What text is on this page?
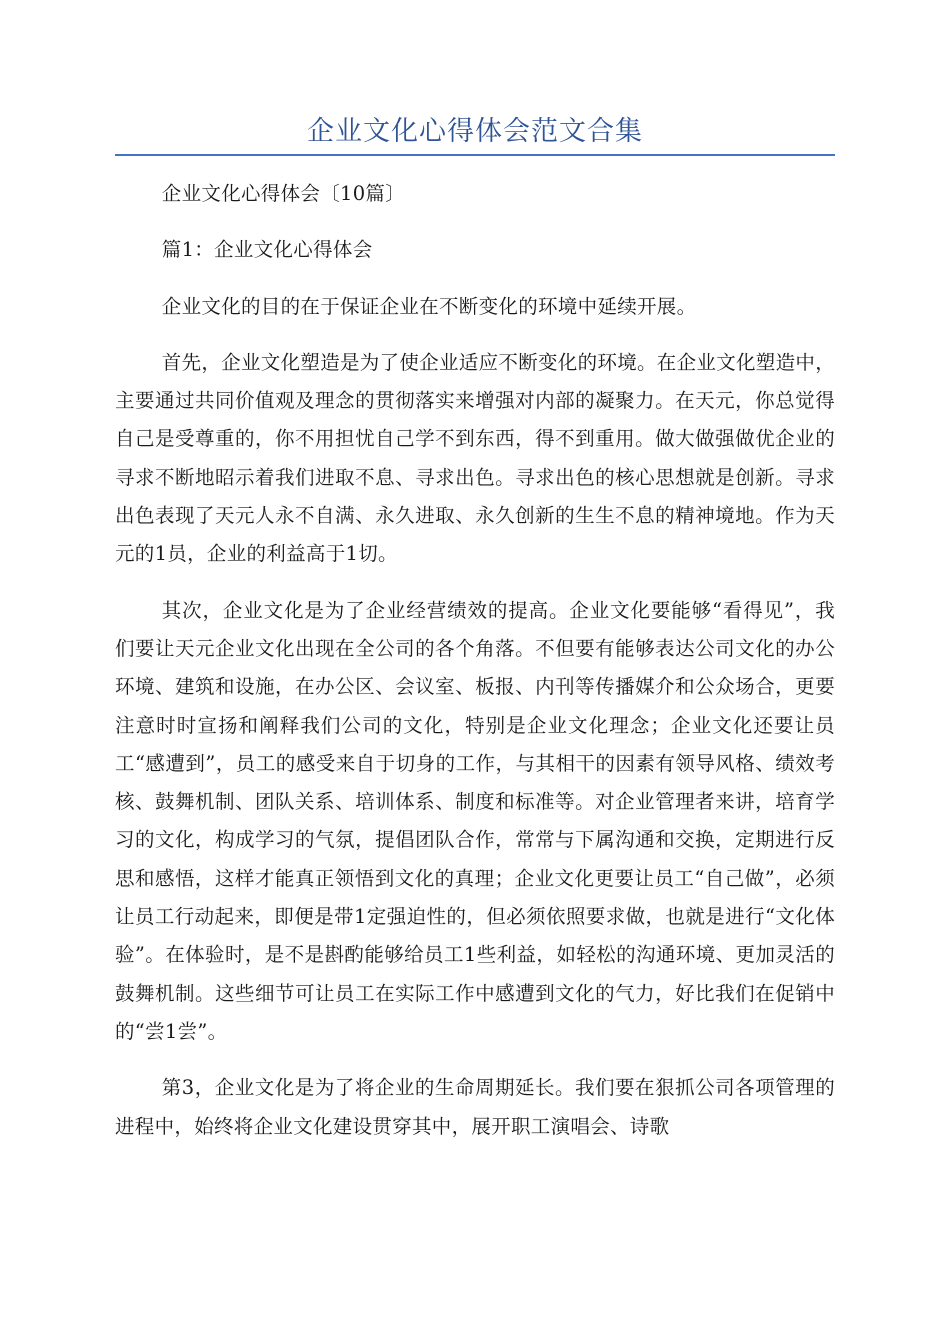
企业文化心得体会范文合集

企业文化心得体会〔10篇〕

篇1：企业文化心得体会

企业文化的目的在于保证企业在不断变化的环境中延续开展。

首先，企业文化塑造是为了使企业适应不断变化的环境。在企业文化塑造中，主要通过共同价值观及理念的贯彻落实来增强对内部的凝聚力。在天元，你总觉得自己是受尊重的，你不用担忧自己学不到东西，得不到重用。做大做强做优企业的寻求不断地昭示着我们进取不息、寻求出色。寻求出色的核心思想就是创新。寻求出色表现了天元人永不自满、永久进取、永久创新的生生不息的精神境地。作为天元的1员，企业的利益高于1切。

其次，企业文化是为了企业经营绩效的提高。企业文化要能够“看得见”，我们要让天元企业文化出现在全公司的各个角落。不但要有能够表达公司文化的办公环境、建筑和设施，在办公区、会议室、板报、内刊等传播媒介和公众场合，更要注意时时宣扬和阐释我们公司的文化，特别是企业文化理念；企业文化还要让员工“感遭到”，员工的感受来自于切身的工作，与其相干的因素有领导风格、绩效考核、鼓舞机制、团队关系、培训体系、制度和标准等。对企业管理者来讲，培育学习的文化，构成学习的气氛，提倡团队合作，常常与下属沟通和交换，定期进行反思和感悟，这样才能真正领悟到文化的真理；企业文化更要让员工“自己做”，必须让员工行动起来，即便是带1定强迫性的，但必须依照要求做，也就是进行“文化体验”。在体验时，是不是斟酌能够给员工1些利益，如轻松的沟通环境、更加灵活的鼓舞机制。这些细节可让员工在实际工作中感遭到文化的气力，好比我们在促销中的“尝1尝”。

第3，企业文化是为了将企业的生命周期延长。我们要在狠抓公司各项管理的进程中，始终将企业文化建设贯穿其中，展开职工演唱会、诗歌
